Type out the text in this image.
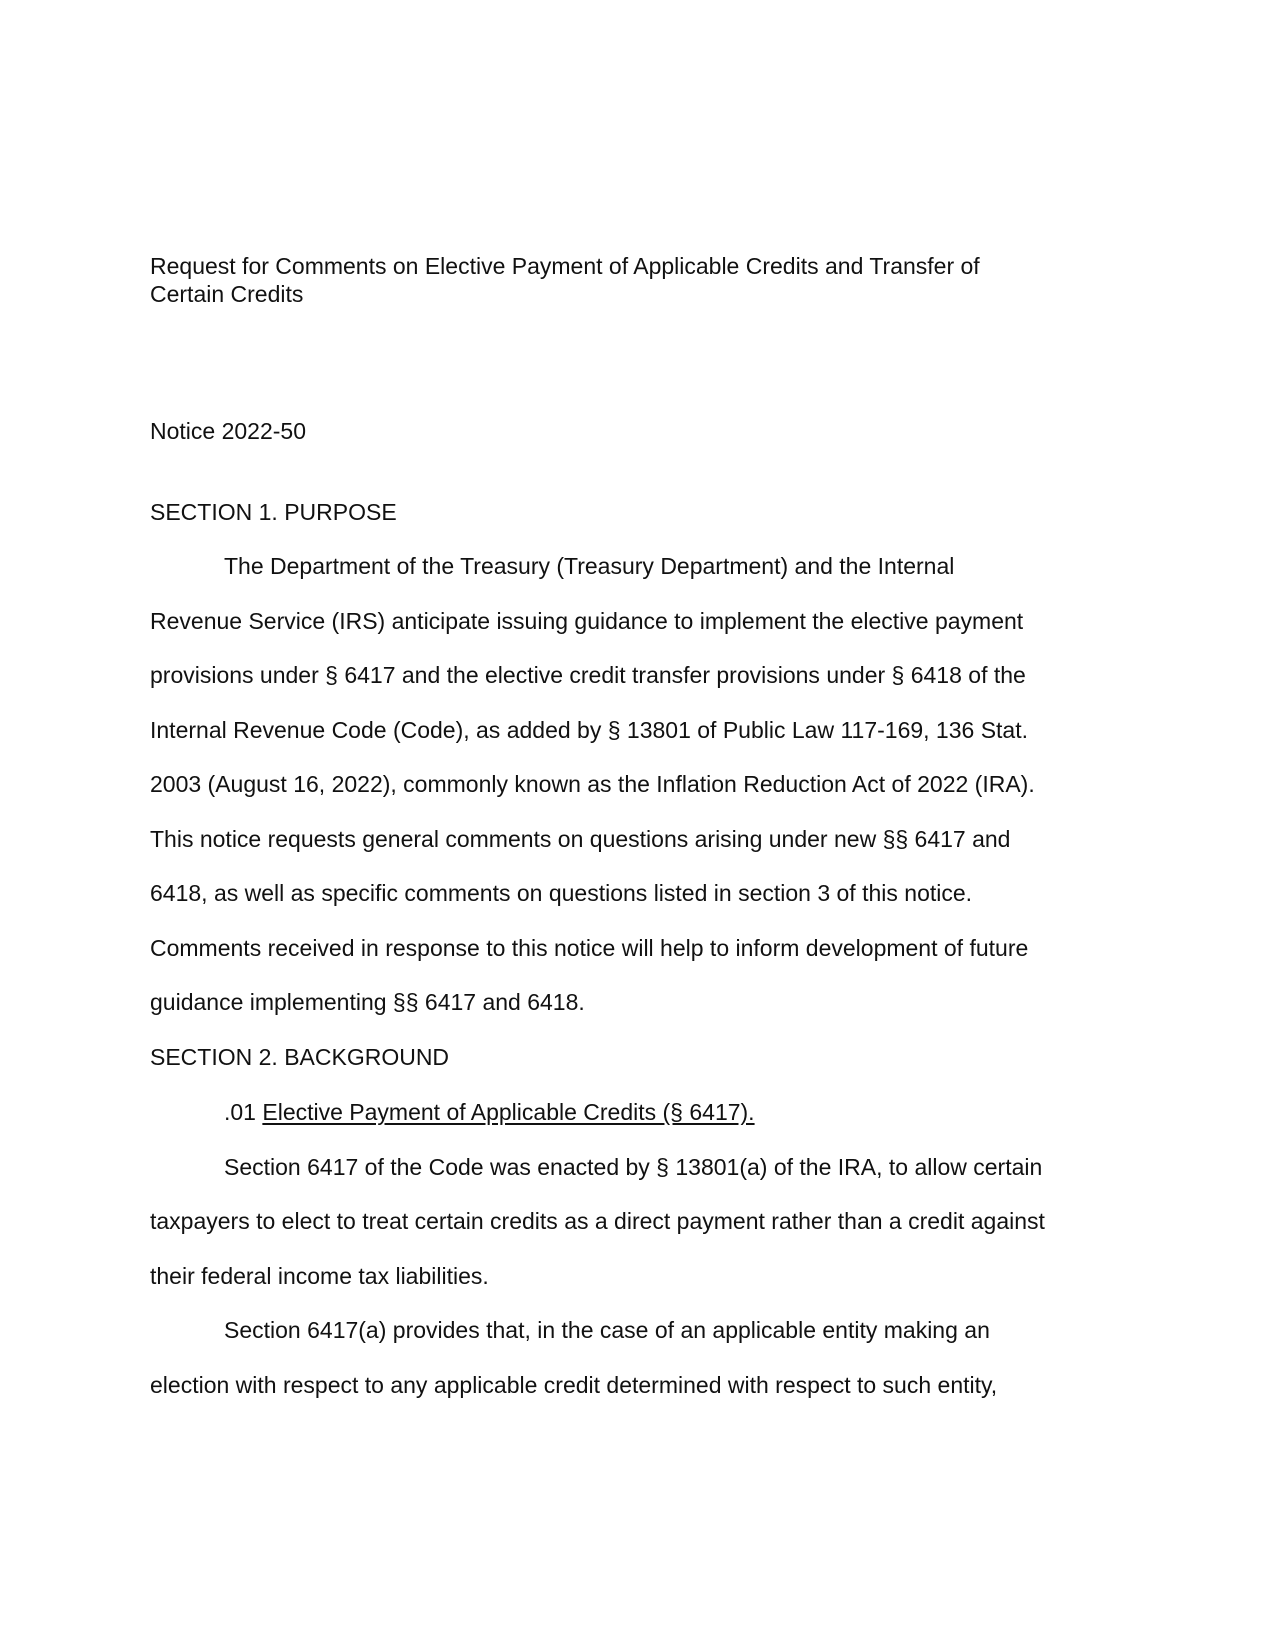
Request for Comments on Elective Payment of Applicable Credits and Transfer of
Certain Credits
Notice 2022-50
SECTION 1. PURPOSE
The Department of the Treasury (Treasury Department) and the Internal
Revenue Service (IRS) anticipate issuing guidance to implement the elective payment
provisions under § 6417 and the elective credit transfer provisions under § 6418 of the
Internal Revenue Code (Code), as added by § 13801 of Public Law 117-169, 136 Stat.
2003 (August 16, 2022), commonly known as the Inflation Reduction Act of 2022 (IRA).
This notice requests general comments on questions arising under new §§ 6417 and
6418, as well as specific comments on questions listed in section 3 of this notice.
Comments received in response to this notice will help to inform development of future
guidance implementing §§ 6417 and 6418.
SECTION 2. BACKGROUND
.01 Elective Payment of Applicable Credits (§ 6417).
Section 6417 of the Code was enacted by § 13801(a) of the IRA, to allow certain
taxpayers to elect to treat certain credits as a direct payment rather than a credit against
their federal income tax liabilities.
Section 6417(a) provides that, in the case of an applicable entity making an
election with respect to any applicable credit determined with respect to such entity,
